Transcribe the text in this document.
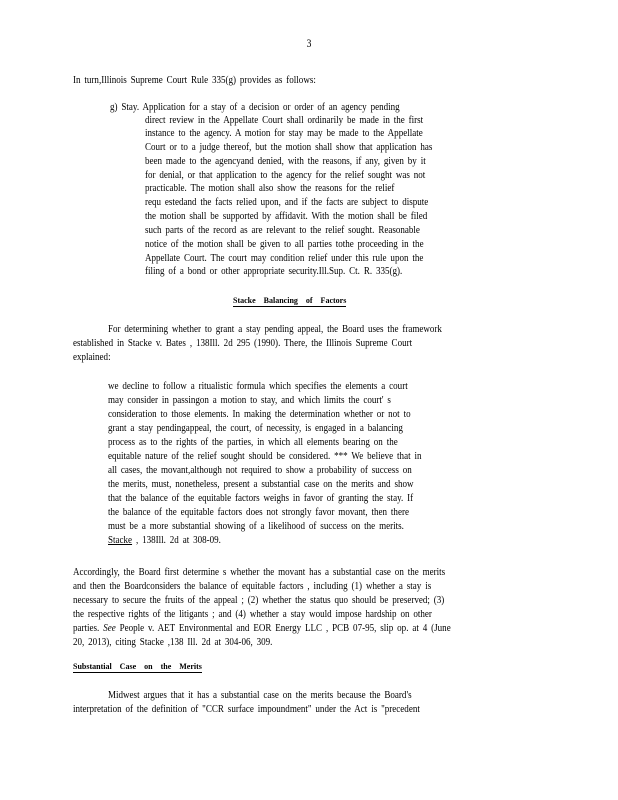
3
In turn,Illinois Supreme Court Rule 335(g) provides as follows:
g) Stay. Application for a stay of a decision or order of an agency pending
direct review in the Appellate Court shall ordinarily be made in the first
instance to the agency. A motion for stay may be made to the Appellate
Court or to a judge thereof, but the motion shall show that application has
been made to the agencyand denied, with the reasons, if any, given by it
for denial, or that application to the agency for the relief sought was not
practicable. The motion shall also show the reasons for the relief
requ estedand the facts relied upon, and if the facts are subject to dispute
the motion shall be supported by affidavit. With the motion shall be filed
such parts of the record as are relevant to the relief sought. Reasonable
notice of the motion shall be given to all parties tothe proceeding in the
Appellate Court. The court may condition relief under this rule upon the
filing of a bond or other appropriate security.Ill.Sup. Ct. R. 335(g).
Stacke Balancing of Factors
For determining whether to grant a stay pending appeal, the Board uses the framework
established in Stacke v. Bates , 138Ill. 2d 295 (1990). There, the Illinois Supreme Court
explained:
we decline to follow a ritualistic formula which specifies the elements a court
may consider in passingon a motion to stay, and which limits the court' s
consideration to those elements. In making the determination whether or not to
grant a stay pendingappeal, the court, of necessity, is engaged in a balancing
process as to the rights of the parties, in which all elements bearing on the
equitable nature of the relief sought should be considered. *** We believe that in
all cases, the movant,although not required to show a probability of success on
the merits, must, nonetheless, present a substantial case on the merits and show
that the balance of the equitable factors weighs in favor of granting the stay. If
the balance of the equitable factors does not strongly favor movant, then there
must be a more substantial showing of a likelihood of success on the merits.
Stacke , 138Ill. 2d at 308-09.
Accordingly, the Board first determine s whether the movant has a substantial case on the merits
and then the Boardconsiders the balance of equitable factors , including (1) whether a stay is
necessary to secure the fruits of the appeal ; (2) whether the status quo should be preserved; (3)
the respective rights of the litigants ; and (4) whether a stay would impose hardship on other
parties. See People v. AET Environmental and EOR Energy LLC , PCB 07-95, slip op. at 4 (June
20, 2013), citing Stacke ,138 Ill. 2d at 304-06, 309.
Substantial Case on the Merits
Midwest argues that it has a substantial case on the merits because the Board's
interpretation of the definition of "CCR surface impoundment" under the Act is "precedent
